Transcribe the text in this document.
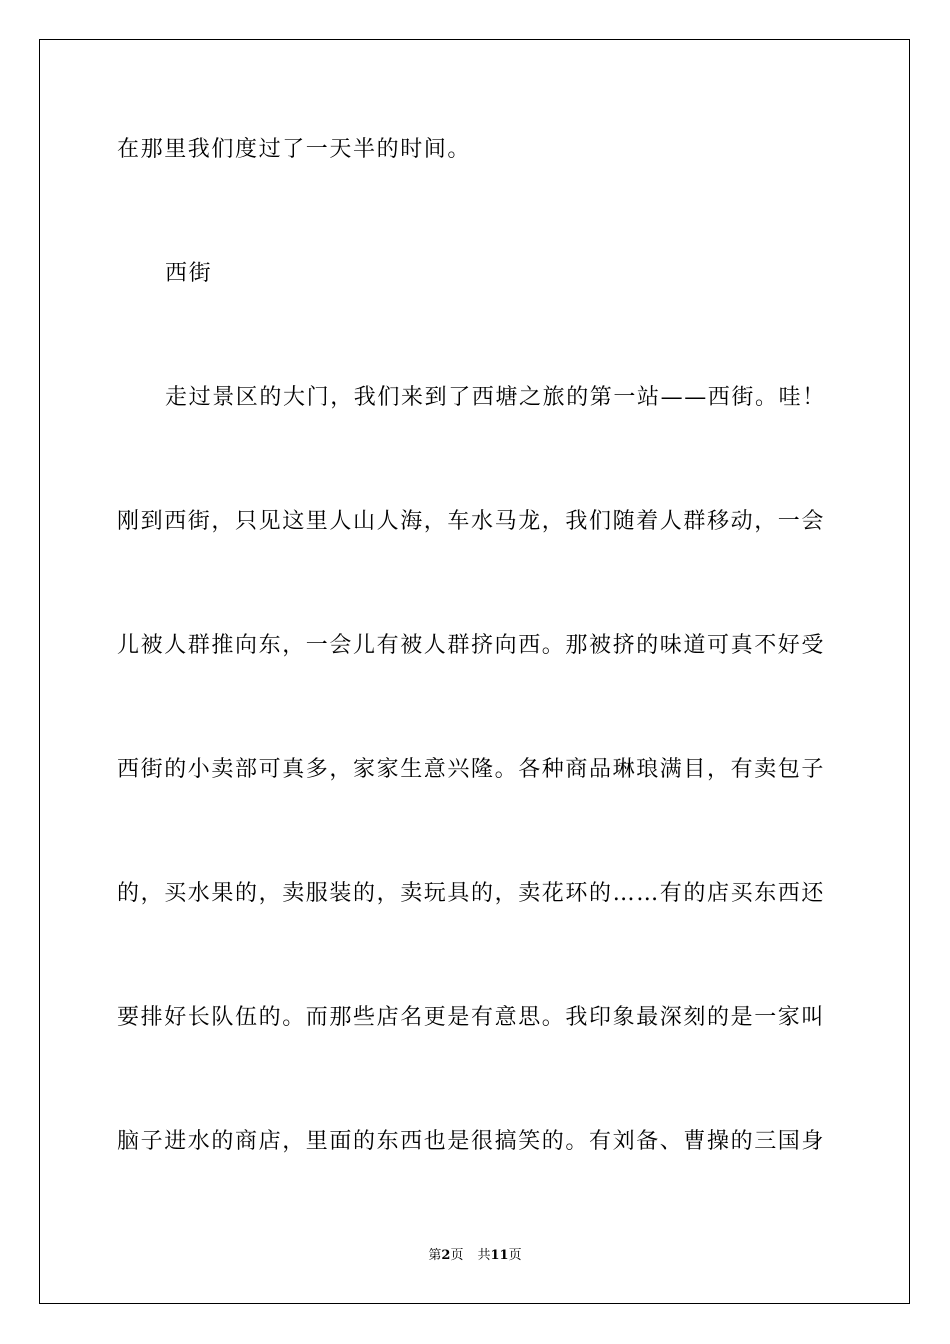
在那里我们度过了一天半的时间。
西街
走过景区的大门，我们来到了西塘之旅的第一站——西街。哇！
刚到西街，只见这里人山人海，车水马龙，我们随着人群移动，一会
儿被人群推向东，一会儿有被人群挤向西。那被挤的味道可真不好受
西街的小卖部可真多，家家生意兴隆。各种商品琳琅满目，有卖包子
的，买水果的，卖服装的，卖玩具的，卖花环的……有的店买东西还
要排好长队伍的。而那些店名更是有意思。我印象最深刻的是一家叫
脑子进水的商店，里面的东西也是很搞笑的。有刘备、曹操的三国身
第2页 共11页
